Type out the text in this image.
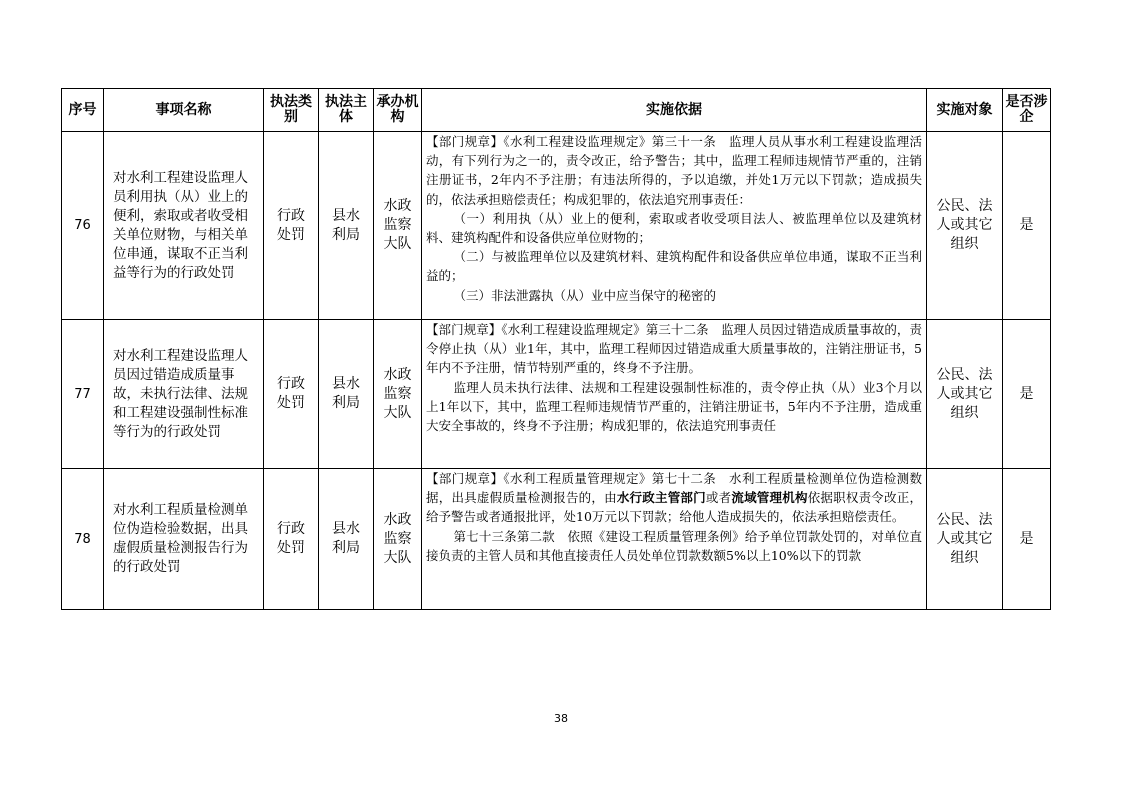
序号	事项名称	执法类别	执法主体	承办机构	实施依据	实施对象	是否涉企
76	对水利工程建设监理人员利用执（从）业上的便利，索取或者收受相关单位财物，与相关单位串通，谋取不正当利益等行为的行政处罚	行政处罚	县水利局	水政监察大队	【部门规章】《水利工程建设监理规定》第三十一条　监理人员从事水利工程建设监理活动，有下列行为之一的，责令改正，给予警告；其中，监理工程师违规情节严重的，注销注册证书，2年内不予注册；有违法所得的，予以追缴，并处1万元以下罚款；造成损失的，依法承担赔偿责任；构成犯罪的，依法追究刑事责任：

（一）利用执（从）业上的便利，索取或者收受项目法人、被监理单位以及建筑材料、建筑构配件和设备供应单位财物的；

（二）与被监理单位以及建筑材料、建筑构配件和设备供应单位串通，谋取不正当利益的；

（三）非法泄露执（从）业中应当保守的秘密的	公民、法人或其它组织	是
77	对水利工程建设监理人员因过错造成质量事故，未执行法律、法规和工程建设强制性标准等行为的行政处罚	行政处罚	县水利局	水政监察大队	【部门规章】《水利工程建设监理规定》第三十二条　监理人员因过错造成质量事故的，责令停止执（从）业1年，其中，监理工程师因过错造成重大质量事故的，注销注册证书，5年内不予注册，情节特别严重的，终身不予注册。

监理人员未执行法律、法规和工程建设强制性标准的，责令停止执（从）业3个月以上1年以下，其中，监理工程师违规情节严重的，注销注册证书，5年内不予注册，造成重大安全事故的，终身不予注册；构成犯罪的，依法追究刑事责任	公民、法人或其它组织	是
78	对水利工程质量检测单位伪造检验数据，出具虚假质量检测报告行为的行政处罚	行政处罚	县水利局	水政监察大队	【部门规章】《水利工程质量管理规定》第七十二条　水利工程质量检测单位伪造检测数据，出具虚假质量检测报告的，由水行政主管部门或者流域管理机构依据职权责令改正，给予警告或者通报批评，处10万元以下罚款；给他人造成损失的，依法承担赔偿责任。

第七十三条第二款　依照《建设工程质量管理条例》给予单位罚款处罚的，对单位直接负责的主管人员和其他直接责任人员处单位罚款数额5%以上10%以下的罚款	公民、法人或其它组织	是
38
